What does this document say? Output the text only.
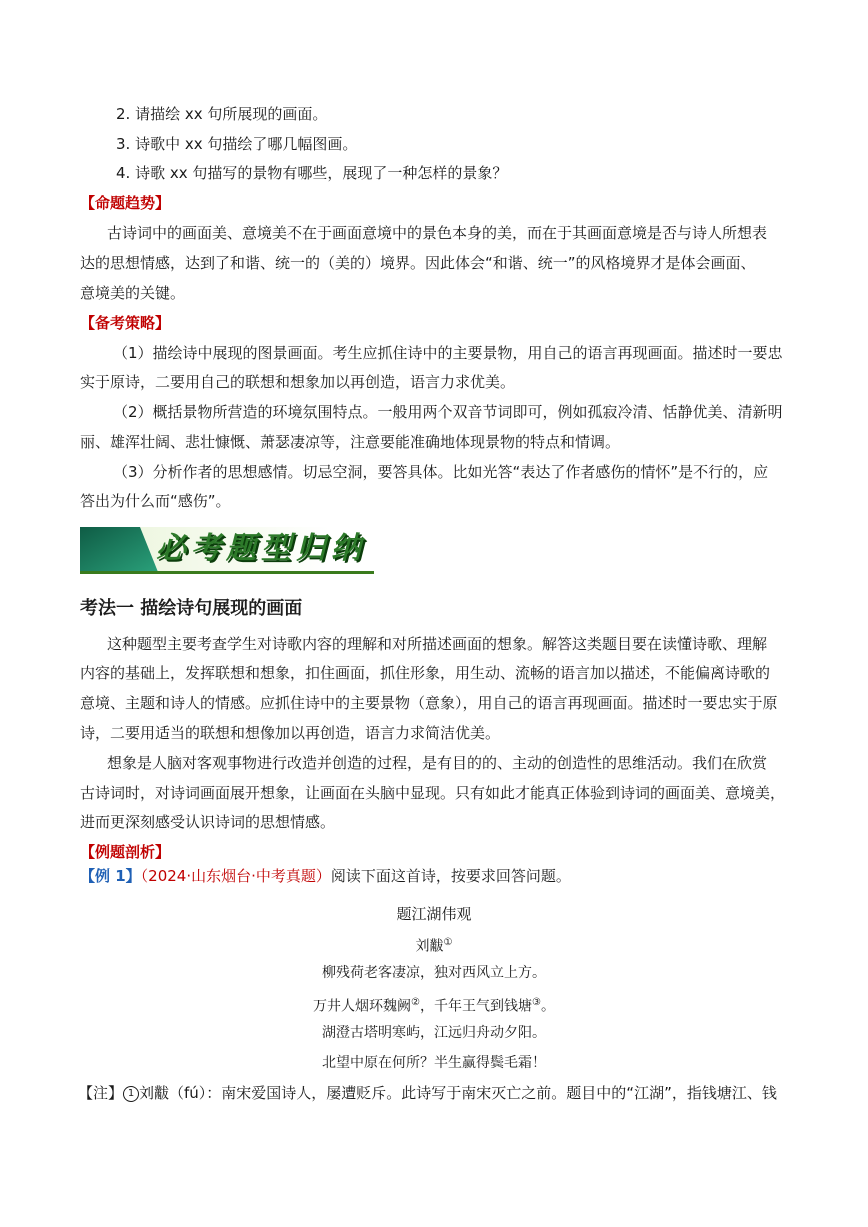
2. 请描绘 xx 句所展现的画面。
3. 诗歌中 xx 句描绘了哪几幅图画。
4. 诗歌 xx 句描写的景物有哪些，展现了一种怎样的景象？
【命题趋势】
古诗词中的画面美、意境美不在于画面意境中的景色本身的美，而在于其画面意境是否与诗人所想表
达的思想情感，达到了和谐、统一的（美的）境界。因此体会“和谐、统一”的风格境界才是体会画面、
意境美的关键。
【备考策略】
（1）描绘诗中展现的图景画面。考生应抓住诗中的主要景物，用自己的语言再现画面。描述时一要忠
实于原诗，二要用自己的联想和想象加以再创造，语言力求优美。
（2）概括景物所营造的环境氛围特点。一般用两个双音节词即可，例如孤寂冷清、恬静优美、清新明
丽、雄浑壮阔、悲壮慷慨、萧瑟凄凉等，注意要能准确地体现景物的特点和情调。
（3）分析作者的思想感情。切忌空洞，要答具体。比如光答“表达了作者感伤的情怀”是不行的，应
答出为什么而“感伤”。
必考题型归纳
考法一 描绘诗句展现的画面
这种题型主要考查学生对诗歌内容的理解和对所描述画面的想象。解答这类题目要在读懂诗歌、理解
内容的基础上，发挥联想和想象，扣住画面，抓住形象，用生动、流畅的语言加以描述，不能偏离诗歌的
意境、主题和诗人的情感。应抓住诗中的主要景物（意象），用自己的语言再现画面。描述时一要忠实于原
诗，二要用适当的联想和想像加以再创造，语言力求简洁优美。
想象是人脑对客观事物进行改造并创造的过程，是有目的的、主动的创造性的思维活动。我们在欣赏
古诗词时，对诗词画面展开想象，让画面在头脑中显现。只有如此才能真正体验到诗词的画面美、意境美，
进而更深刻感受认识诗词的思想情感。
【例题剖析】
【例 1】（2024·山东烟台·中考真题）阅读下面这首诗，按要求回答问题。
题江湖伟观
刘黻①
柳残荷老客凄凉，独对西风立上方。
万井人烟环魏阙②，千年王气到钱塘③。
湖澄古塔明寒屿，江远归舟动夕阳。
北望中原在何所？半生赢得鬓毛霜！
【注】 1 刘黻（fú）：南宋爱国诗人，屡遭贬斥。此诗写于南宋灭亡之前。题目中的“江湖”，指钱塘江、钱
